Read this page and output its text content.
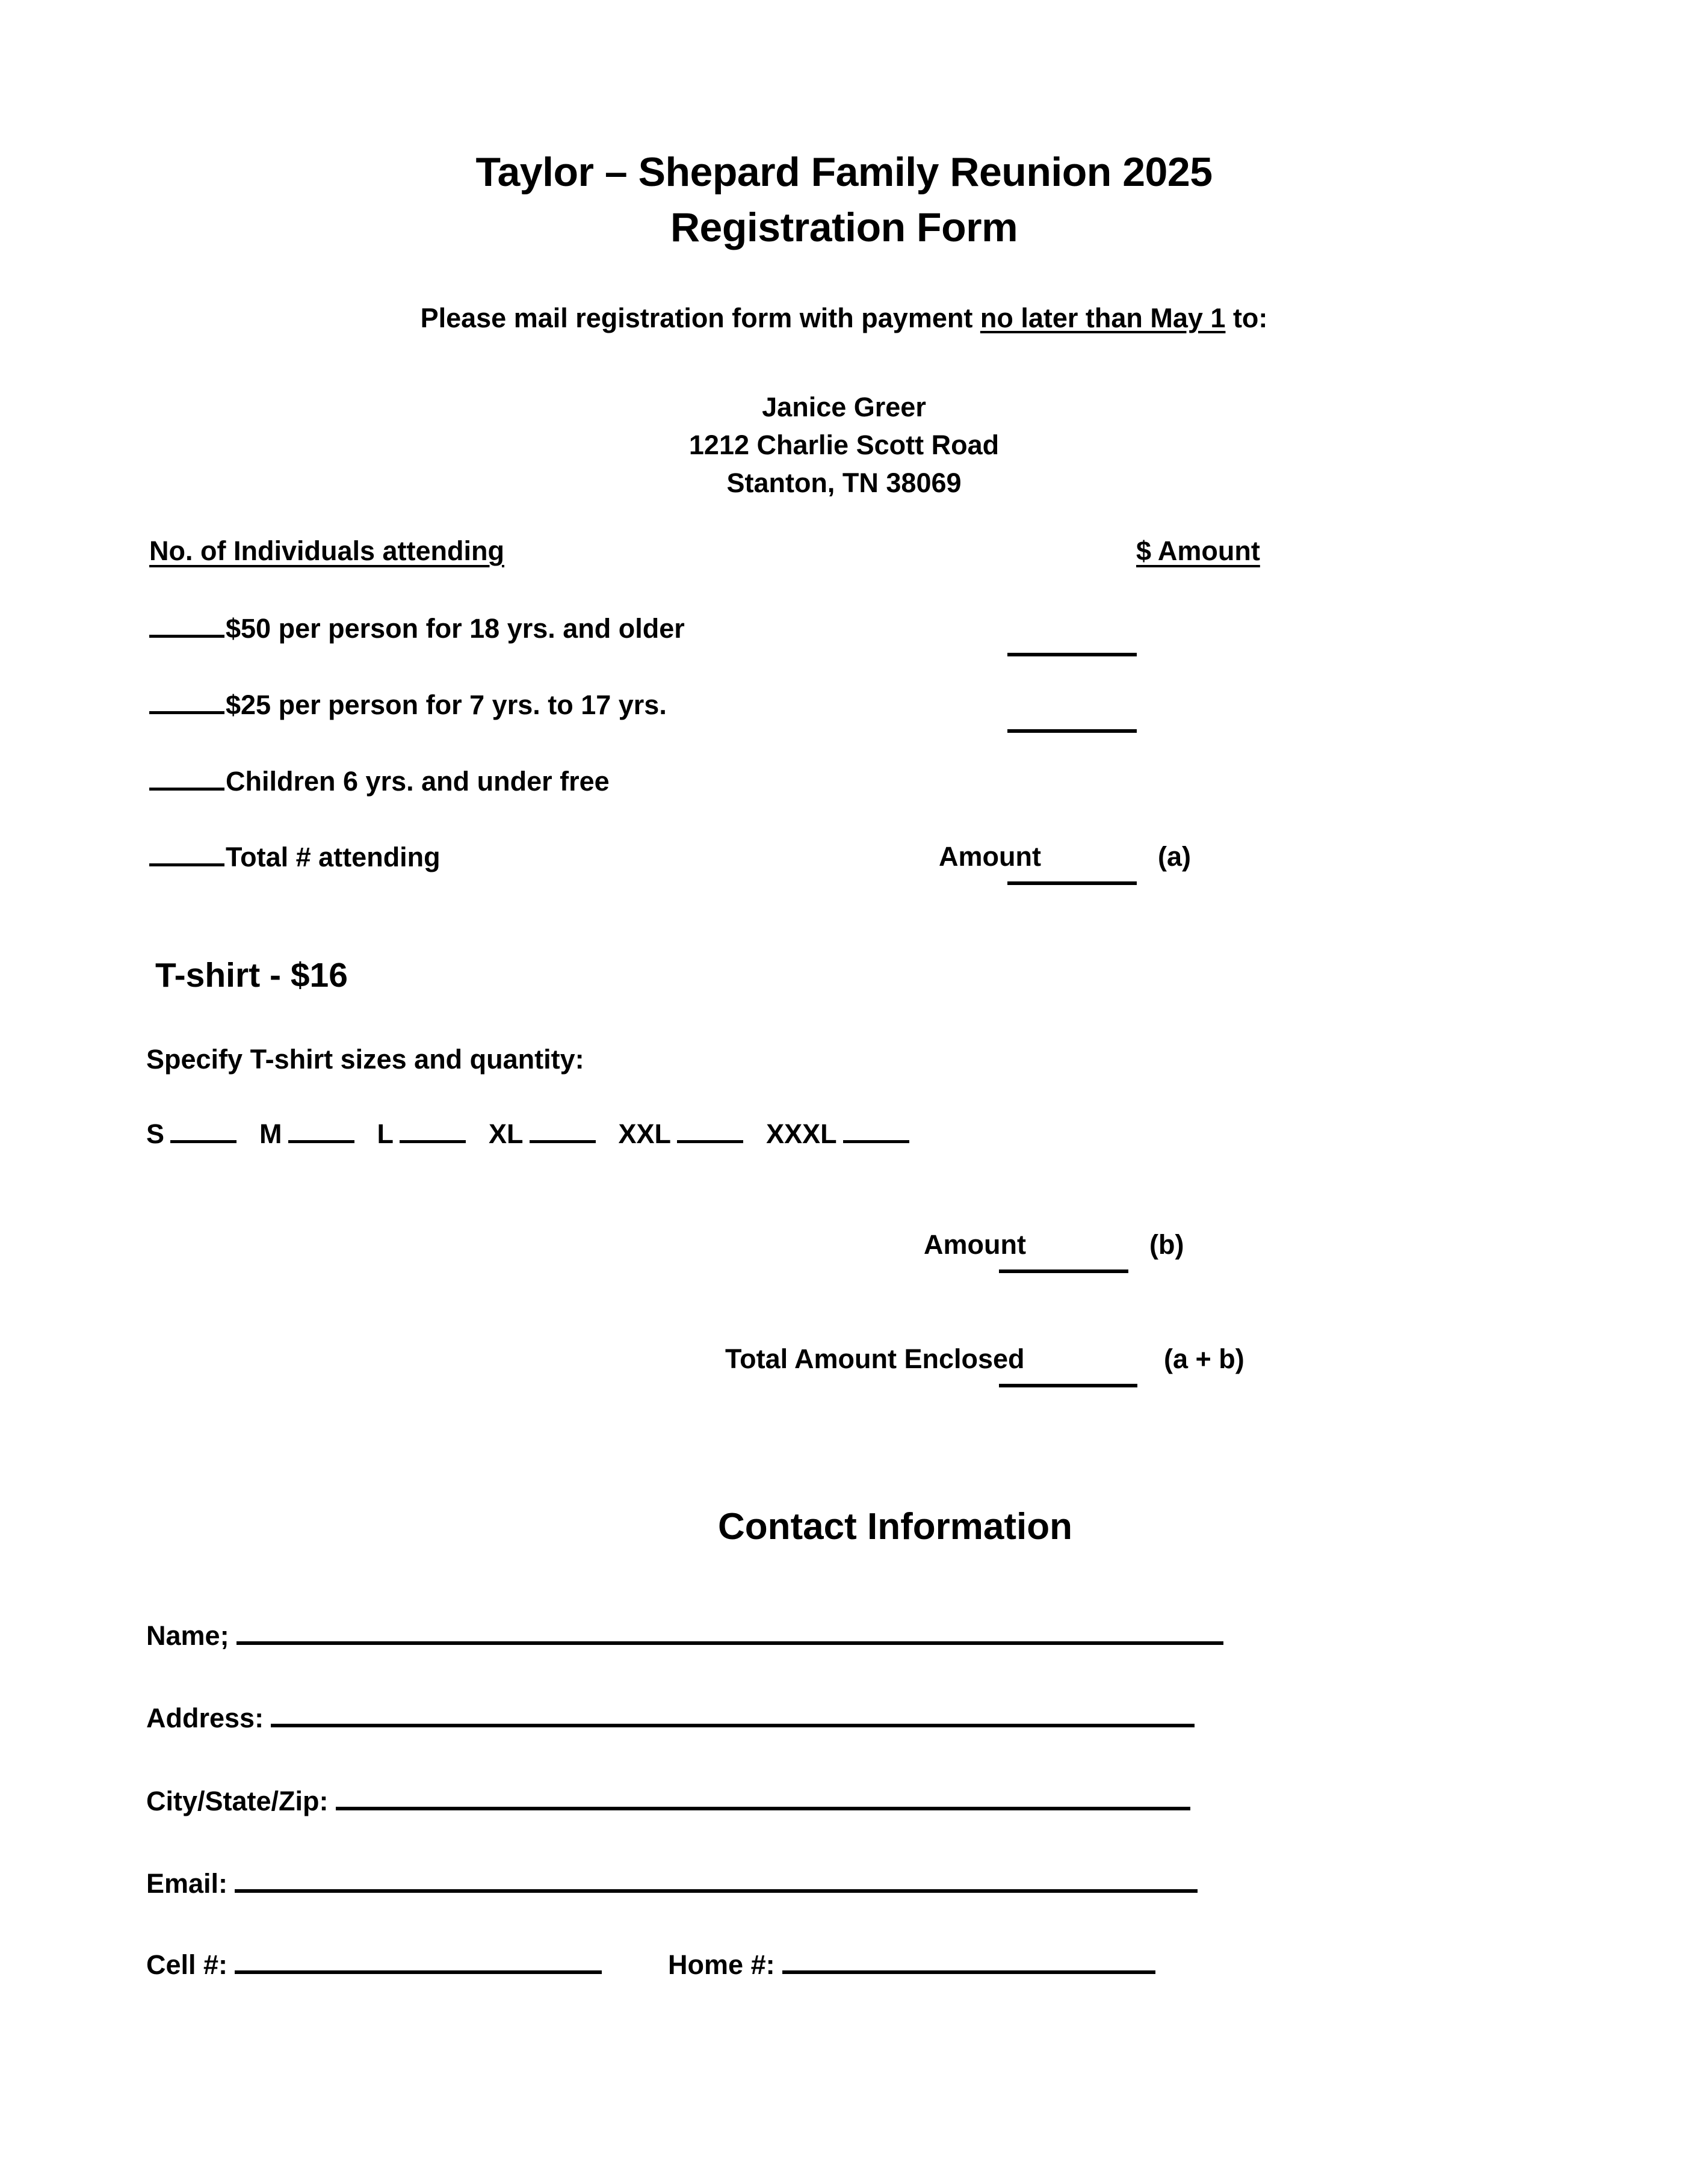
Taylor – Shepard Family Reunion 2025
Registration Form
Please mail registration form with payment no later than May 1 to:
Janice Greer
1212 Charlie Scott Road
Stanton, TN 38069
No. of Individuals attending	$ Amount
$50 per person for 18 yrs. and older
$25 per person for 7 yrs. to 17 yrs.
Children 6 yrs. and under free
Total # attending	Amount	(a)
T-shirt - $16
Specify T-shirt sizes and quantity:
S	M	L	XL	XXL	XXXL
Amount	(b)
Total Amount Enclosed	(a + b)
Contact Information
Name;
Address:
City/State/Zip:
Email:
Cell #:	Home #:
